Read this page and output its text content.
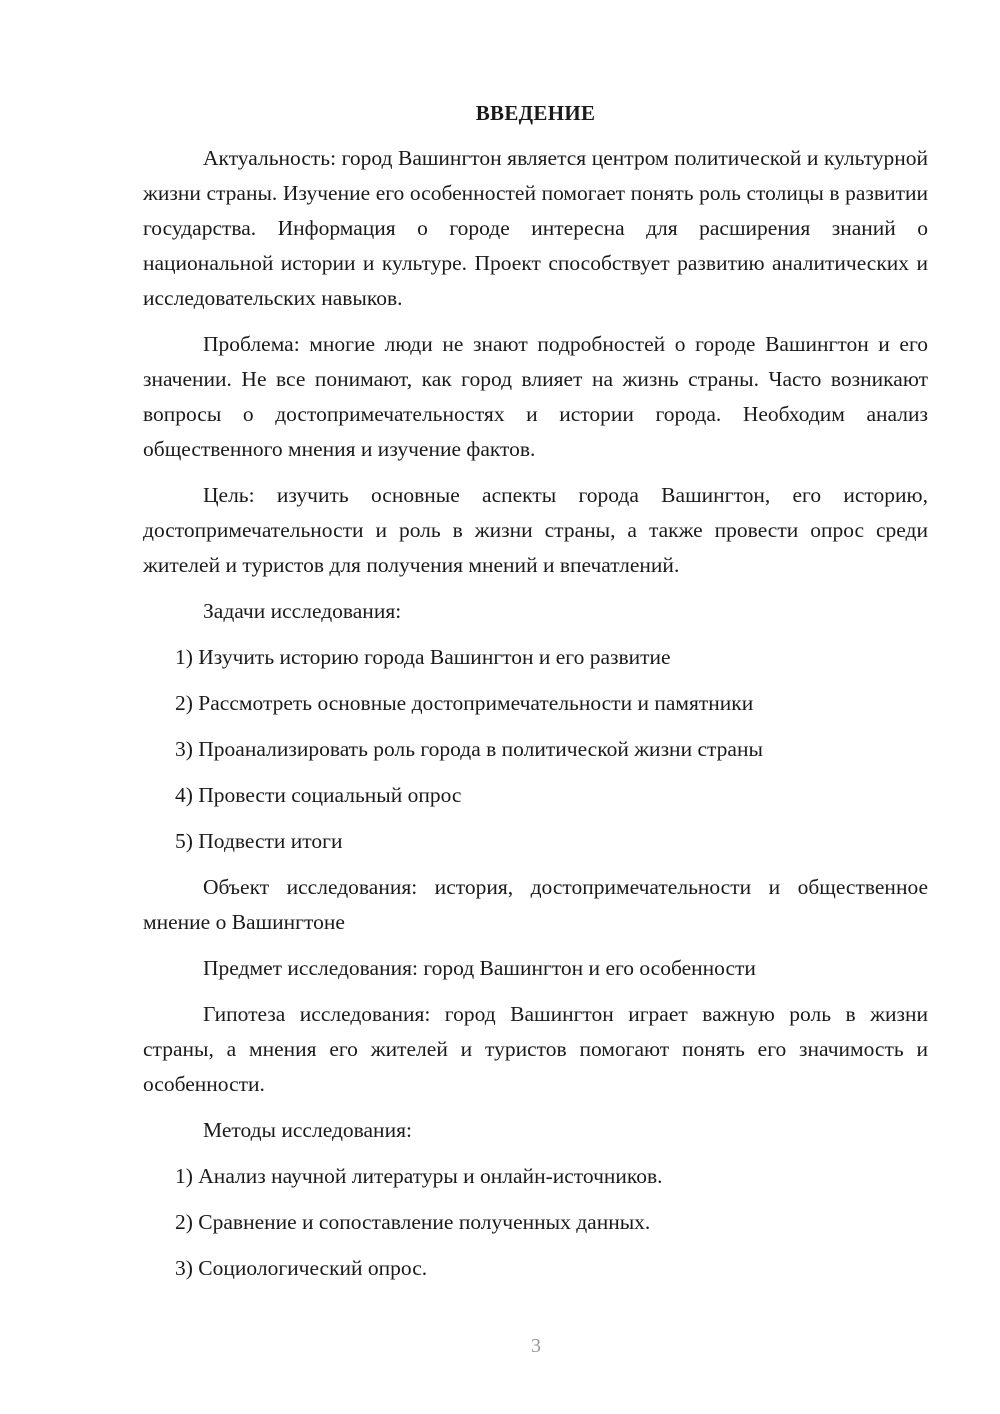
ВВЕДЕНИЕ

Актуальность: город Вашингтон является центром политической и культурной жизни страны. Изучение его особенностей помогает понять роль столицы в развитии государства. Информация о городе интересна для расширения знаний о национальной истории и культуре. Проект способствует развитию аналитических и исследовательских навыков.

Проблема: многие люди не знают подробностей о городе Вашингтон и его значении. Не все понимают, как город влияет на жизнь страны. Часто возникают вопросы о достопримечательностях и истории города. Необходим анализ общественного мнения и изучение фактов.

Цель: изучить основные аспекты города Вашингтон, его историю, достопримечательности и роль в жизни страны, а также провести опрос среди жителей и туристов для получения мнений и впечатлений.

Задачи исследования:
1) Изучить историю города Вашингтон и его развитие
2) Рассмотреть основные достопримечательности и памятники
3) Проанализировать роль города в политической жизни страны
4) Провести социальный опрос
5) Подвести итоги

Объект исследования: история, достопримечательности и общественное мнение о Вашингтоне

Предмет исследования: город Вашингтон и его особенности

Гипотеза исследования: город Вашингтон играет важную роль в жизни страны, а мнения его жителей и туристов помогают понять его значимость и особенности.

Методы исследования:
1) Анализ научной литературы и онлайн-источников.
2) Сравнение и сопоставление полученных данных.
3) Социологический опрос.
3
